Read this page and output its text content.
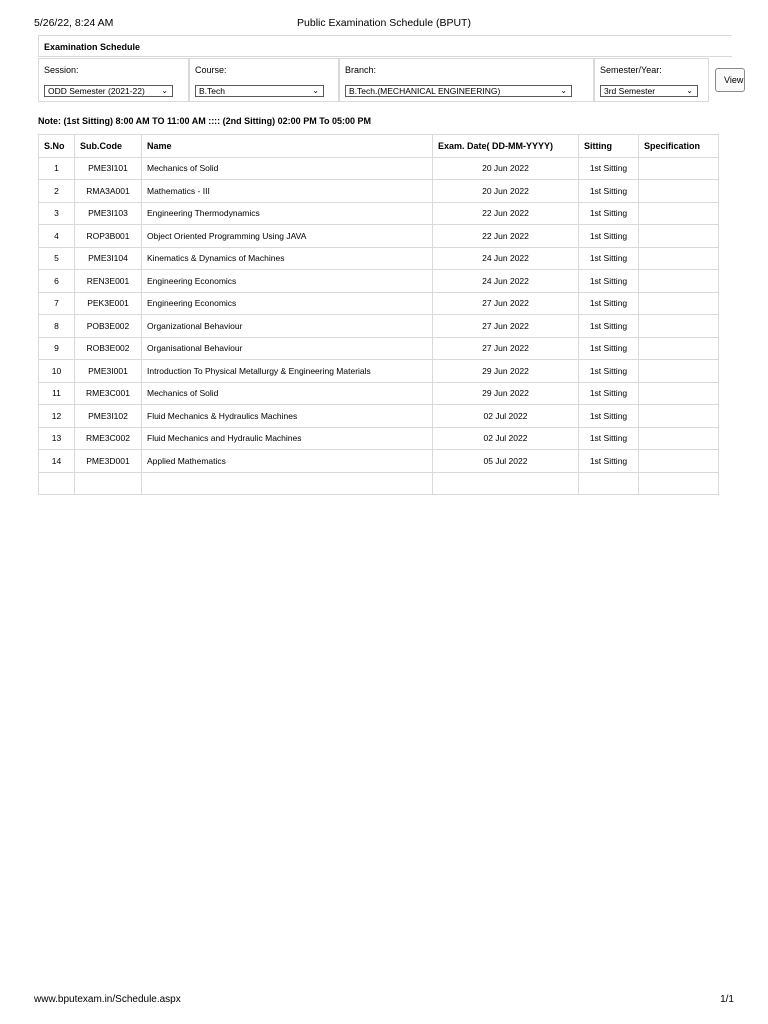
5/26/22, 8:24 AM	Public Examination Schedule (BPUT)
Examination Schedule
Session:
ODD Semester (2021-22) ⌄
Course:
B.Tech	⌄
Branch:
B.Tech.(MECHANICAL ENGINEERING)	⌄
Semester/Year:
3rd Semester	⌄
View
Note: (1st Sitting) 8:00 AM TO 11:00 AM :::: (2nd Sitting) 02:00 PM To 05:00 PM
S.No	Sub.Code	Name	Exam. Date( DD-MM-YYYY)	Sitting	Specification
1	PME3I101	Mechanics of Solid	20 Jun 2022	1st Sitting	
2	RMA3A001	Mathematics - III	20 Jun 2022	1st Sitting	
3	PME3I103	Engineering Thermodynamics	22 Jun 2022	1st Sitting	
4	ROP3B001	Object Oriented Programming Using JAVA	22 Jun 2022	1st Sitting	
5	PME3I104	Kinematics & Dynamics of Machines	24 Jun 2022	1st Sitting	
6	REN3E001	Engineering Economics	24 Jun 2022	1st Sitting	
7	PEK3E001	Engineering Economics	27 Jun 2022	1st Sitting	
8	POB3E002	Organizational Behaviour	27 Jun 2022	1st Sitting	
9	ROB3E002	Organisational Behaviour	27 Jun 2022	1st Sitting	
10	PME3I001	Introduction To Physical Metallurgy & Engineering Materials	29 Jun 2022	1st Sitting	
11	RME3C001	Mechanics of Solid	29 Jun 2022	1st Sitting	
12	PME3I102	Fluid Mechanics & Hydraulics Machines	02 Jul 2022	1st Sitting	
13	RME3C002	Fluid Mechanics and Hydraulic Machines	02 Jul 2022	1st Sitting	
14	PME3D001	Applied Mathematics	05 Jul 2022	1st Sitting	

www.bputexam.in/Schedule.aspx	1/1
